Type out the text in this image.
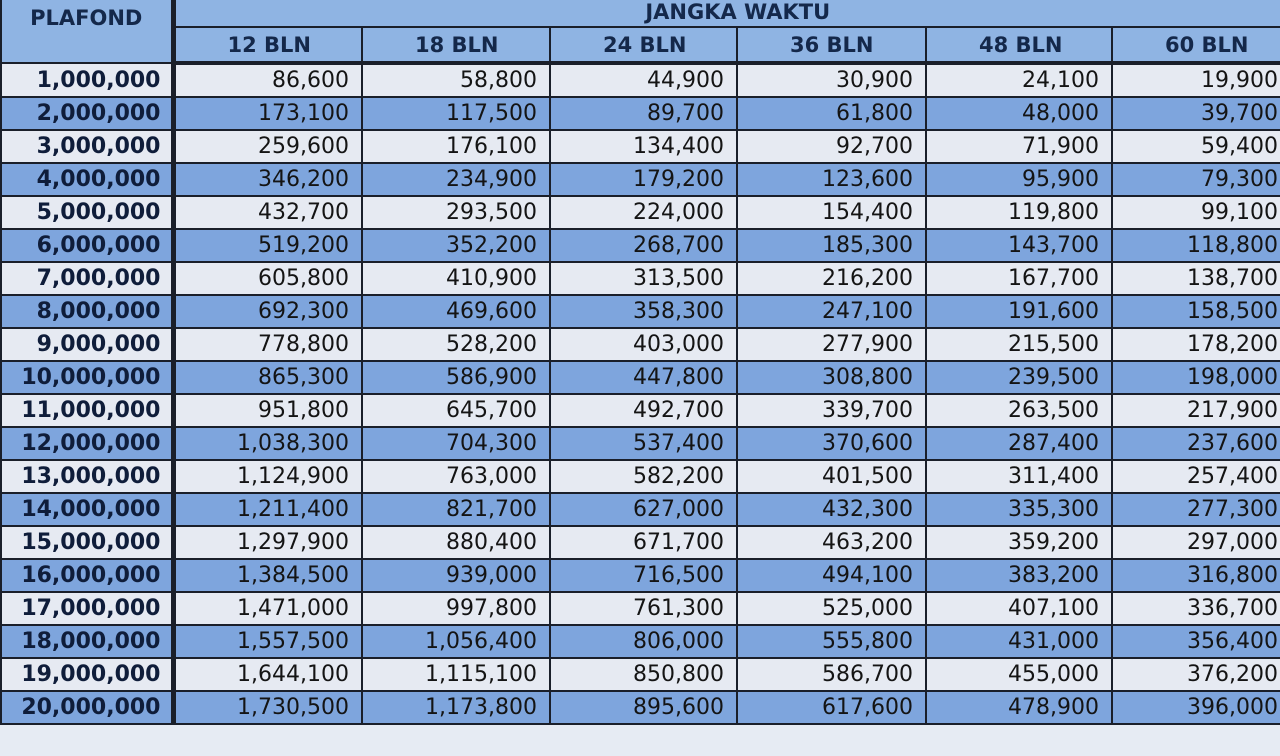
PLAFOND	JANGKA WAKTU					
	12 BLN	18 BLN	24 BLN	36 BLN	48 BLN	60 BLN
1,000,000	86,600	58,800	44,900	30,900	24,100	19,900
2,000,000	173,100	117,500	89,700	61,800	48,000	39,700
3,000,000	259,600	176,100	134,400	92,700	71,900	59,400
4,000,000	346,200	234,900	179,200	123,600	95,900	79,300
5,000,000	432,700	293,500	224,000	154,400	119,800	99,100
6,000,000	519,200	352,200	268,700	185,300	143,700	118,800
7,000,000	605,800	410,900	313,500	216,200	167,700	138,700
8,000,000	692,300	469,600	358,300	247,100	191,600	158,500
9,000,000	778,800	528,200	403,000	277,900	215,500	178,200
10,000,000	865,300	586,900	447,800	308,800	239,500	198,000
11,000,000	951,800	645,700	492,700	339,700	263,500	217,900
12,000,000	1,038,300	704,300	537,400	370,600	287,400	237,600
13,000,000	1,124,900	763,000	582,200	401,500	311,400	257,400
14,000,000	1,211,400	821,700	627,000	432,300	335,300	277,300
15,000,000	1,297,900	880,400	671,700	463,200	359,200	297,000
16,000,000	1,384,500	939,000	716,500	494,100	383,200	316,800
17,000,000	1,471,000	997,800	761,300	525,000	407,100	336,700
18,000,000	1,557,500	1,056,400	806,000	555,800	431,000	356,400
19,000,000	1,644,100	1,115,100	850,800	586,700	455,000	376,200
20,000,000	1,730,500	1,173,800	895,600	617,600	478,900	396,000
